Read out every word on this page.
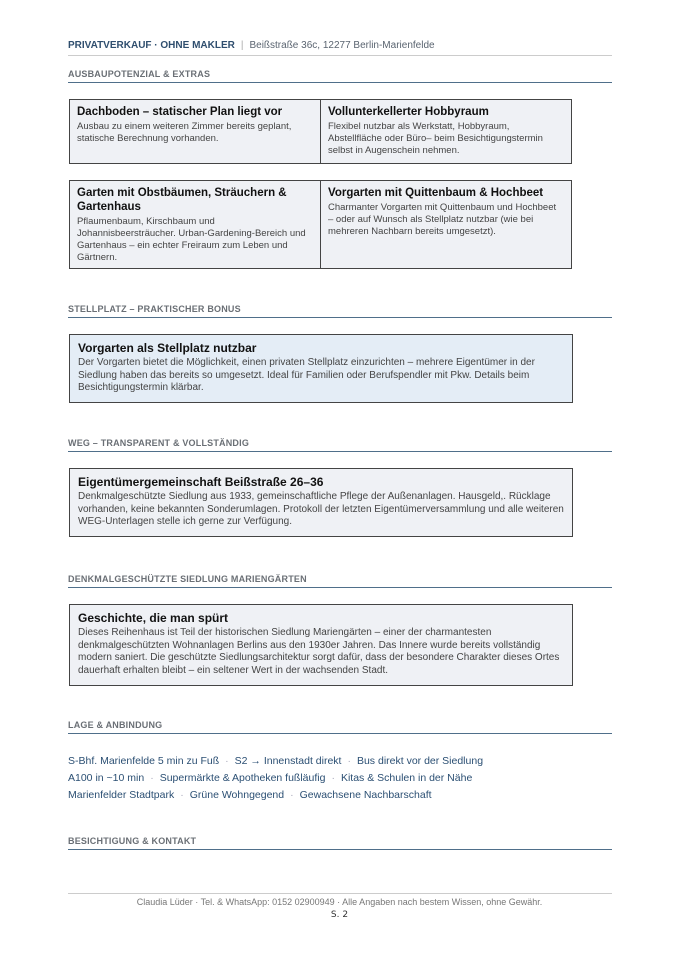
PRIVATVERKAUF · OHNE MAKLER | Beißstraße 36c, 12277 Berlin-Marienfelde
AUSBAUPOTENZIAL & EXTRAS
Dachboden – statischer Plan liegt vor
Ausbau zu einem weiteren Zimmer bereits geplant, statische Berechnung vorhanden.
Vollunterkellerter Hobbyraum
Flexibel nutzbar als Werkstatt, Hobbyraum, Abstellfläche oder Büro– beim Besichtigungstermin selbst in Augenschein nehmen.
Garten mit Obstbäumen, Sträuchern & Gartenhaus
Pflaumenbaum, Kirschbaum und Johannisbeersträucher. Urban-Gardening-Bereich und Gartenhaus – ein echter Freiraum zum Leben und Gärtnern.
Vorgarten mit Quittenbaum & Hochbeet
Charmanter Vorgarten mit Quittenbaum und Hochbeet – oder auf Wunsch als Stellplatz nutzbar (wie bei mehreren Nachbarn bereits umgesetzt).
STELLPLATZ – PRAKTISCHER BONUS
Vorgarten als Stellplatz nutzbar
Der Vorgarten bietet die Möglichkeit, einen privaten Stellplatz einzurichten – mehrere Eigentümer in der Siedlung haben das bereits so umgesetzt. Ideal für Familien oder Berufspendler mit Pkw. Details beim Besichtigungstermin klärbar.
WEG – TRANSPARENT & VOLLSTÄNDIG
Eigentümergemeinschaft Beißstraße 26–36
Denkmalgeschützte Siedlung aus 1933, gemeinschaftliche Pflege der Außenanlagen. Hausgeld,. Rücklage vorhanden, keine bekannten Sonderumlagen. Protokoll der letzten Eigentümerversammlung und alle weiteren WEG-Unterlagen stelle ich gerne zur Verfügung.
DENKMALGESCHÜTZTE SIEDLUNG MARIENGÄRTEN
Geschichte, die man spürt
Dieses Reihenhaus ist Teil der historischen Siedlung Mariengärten – einer der charmantesten denkmalgeschützten Wohnanlagen Berlins aus den 1930er Jahren. Das Innere wurde bereits vollständig modern saniert. Die geschützte Siedlungsarchitektur sorgt dafür, dass der besondere Charakter dieses Ortes dauerhaft erhalten bleibt – ein seltener Wert in der wachsenden Stadt.
LAGE & ANBINDUNG
S-Bhf. Marienfelde 5 min zu Fuß · S2 → Innenstadt direkt · Bus direkt vor der Siedlung
A100 in ~10 min · Supermärkte & Apotheken fußläufig · Kitas & Schulen in der Nähe
Marienfelder Stadtpark · Grüne Wohngegend · Gewachsene Nachbarschaft
BESICHTIGUNG & KONTAKT
Claudia Lüder · Tel. & WhatsApp: 0152 02900949 · Alle Angaben nach bestem Wissen, ohne Gewähr.
S. 2
